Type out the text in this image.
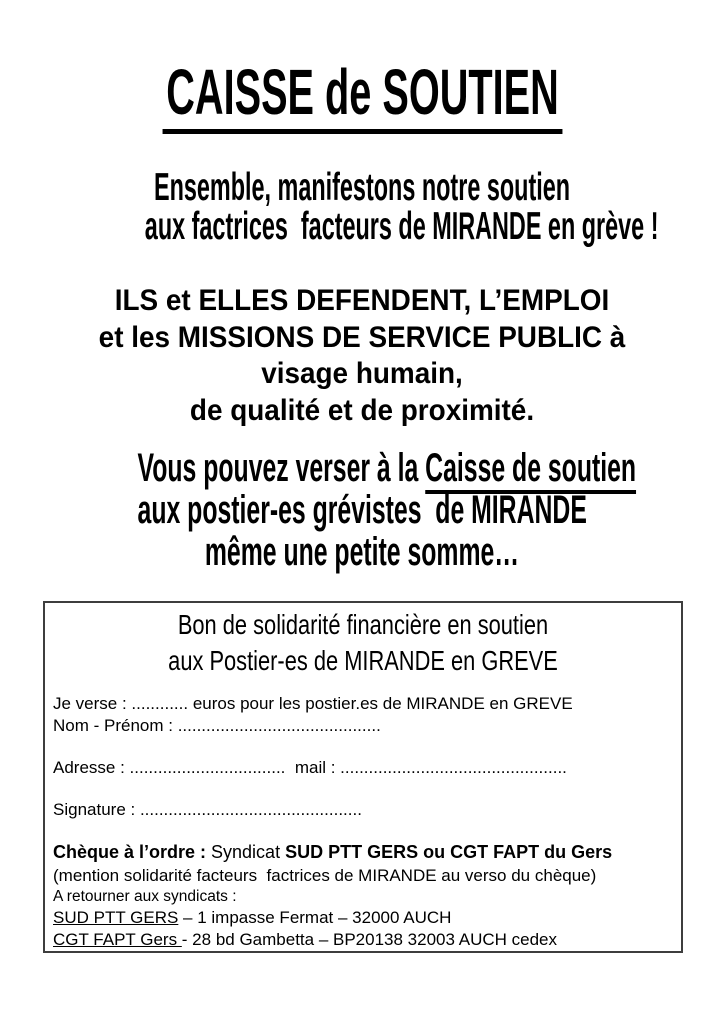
CAISSE de SOUTIEN
Ensemble, manifestons notre soutien
aux factrices  facteurs de MIRANDE en grève !
ILS et ELLES DEFENDENT, L’EMPLOI
et les MISSIONS DE SERVICE PUBLIC à
visage humain,
de qualité et de proximité.
Vous pouvez verser à la Caisse de soutien
aux postier-es grévistes  de MIRANDE
même une petite somme…
Bon de solidarité financière en soutien
aux Postier-es de MIRANDE en GREVE
Je verse : ............ euros pour les postier.es de MIRANDE en GREVE
Nom - Prénom : ...........................................
Adresse : .................................  mail : ................................................
Signature : ...............................................
Chèque à l’ordre : Syndicat SUD PTT GERS ou CGT FAPT du Gers
(mention solidarité facteurs  factrices de MIRANDE au verso du chèque)
A retourner aux syndicats :
SUD PTT GERS – 1 impasse Fermat – 32000 AUCH
CGT FAPT Gers - 28 bd Gambetta – BP20138 32003 AUCH cedex
